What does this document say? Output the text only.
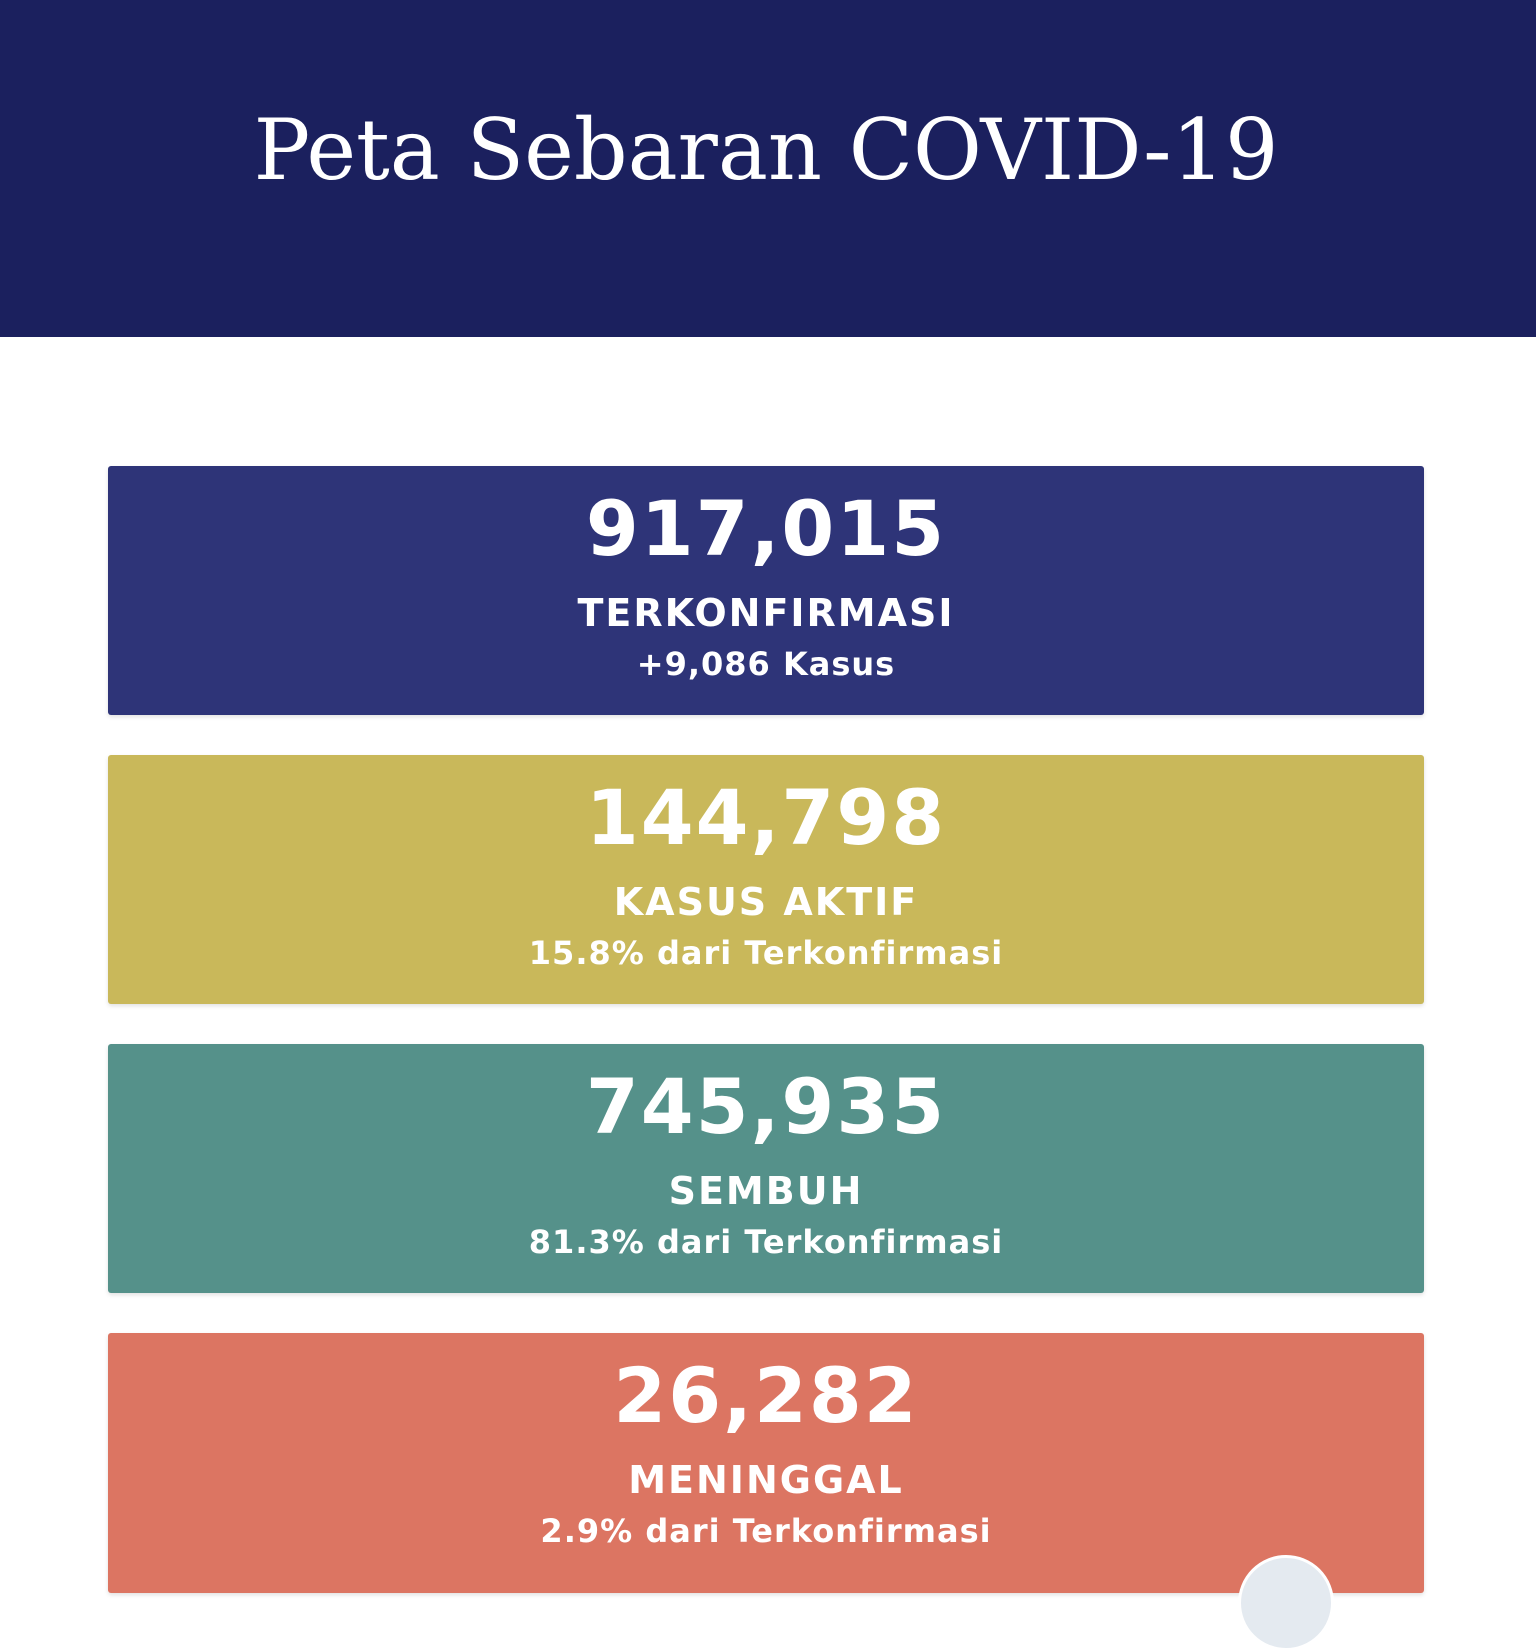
Peta Sebaran COVID-19
917,015
TERKONFIRMASI
+9,086 Kasus
144,798
KASUS AKTIF
15.8% dari Terkonfirmasi
745,935
SEMBUH
81.3% dari Terkonfirmasi
26,282
MENINGGAL
2.9% dari Terkonfirmasi
